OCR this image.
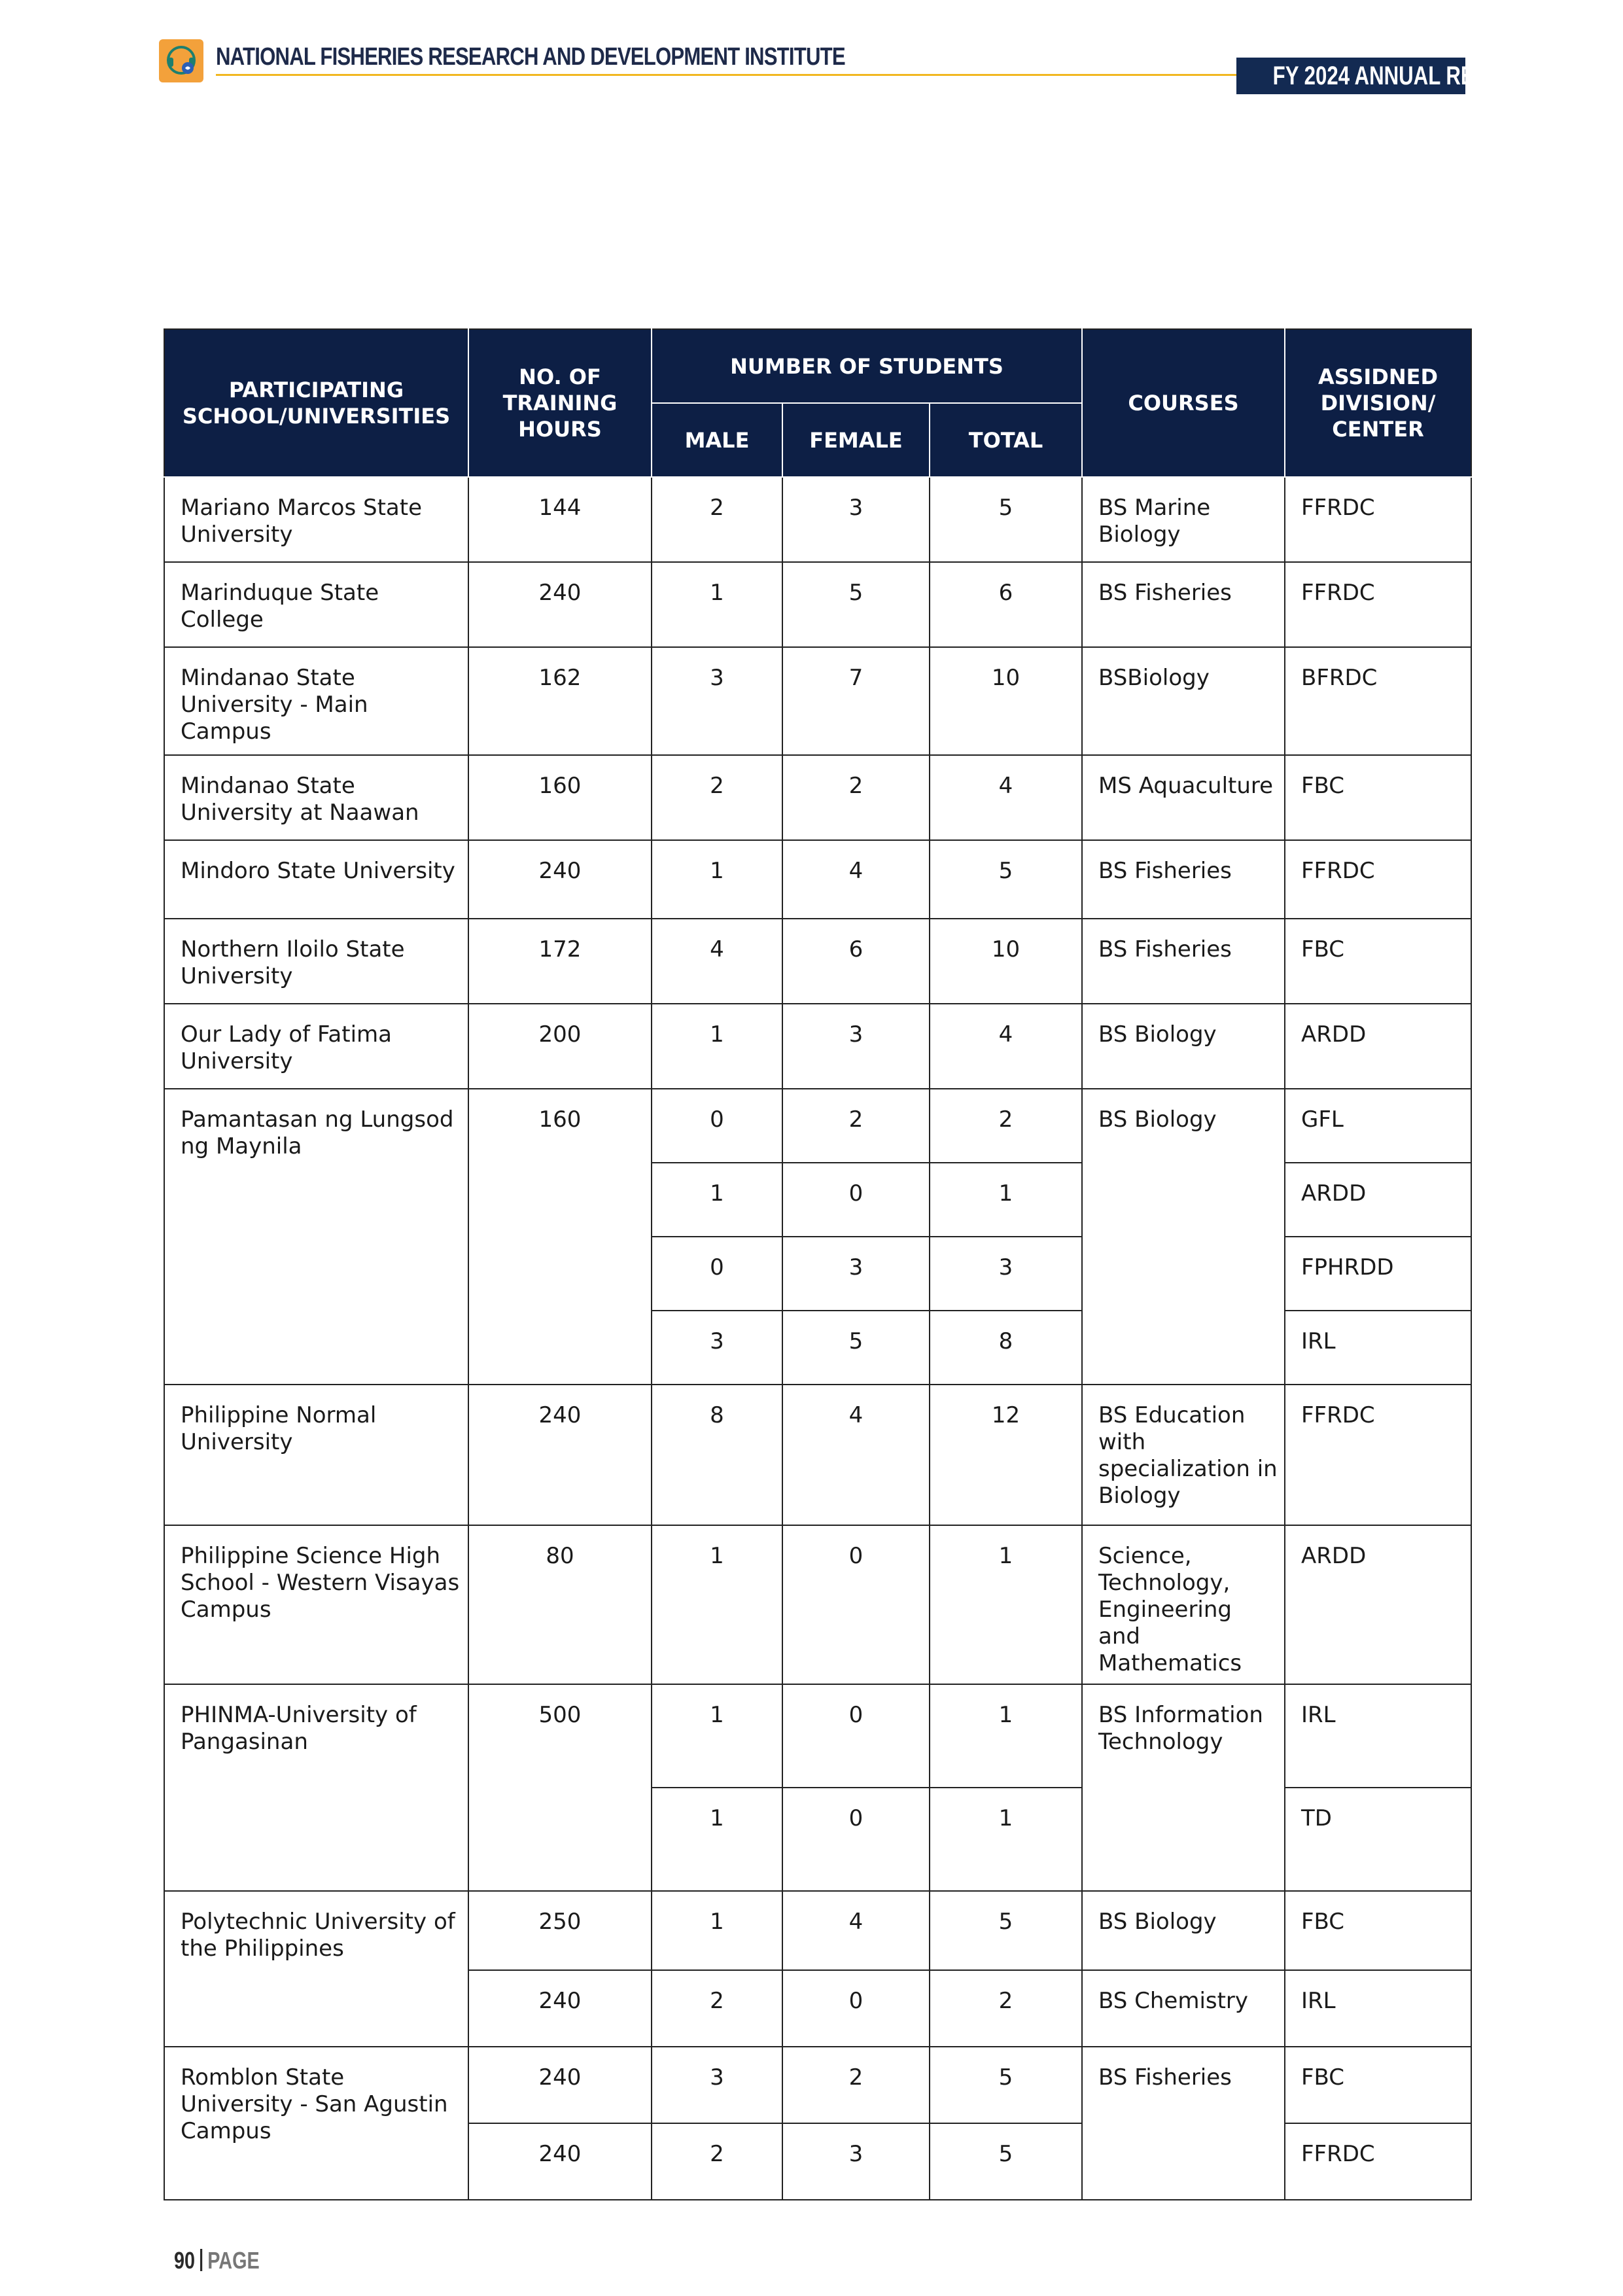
NATIONAL FISHERIES RESEARCH AND DEVELOPMENT INSTITUTE
FY 2024 ANNUAL REPORT
PARTICIPATING SCHOOL/UNIVERSITIES	NO. OF TRAINING HOURS	NUMBER OF STUDENTS			COURSES	ASSIDNED DIVISION/ CENTER
		MALE	FEMALE	TOTAL		
Mariano Marcos State University	144	2	3	5	BS Marine Biology	FFRDC
Marinduque State College	240	1	5	6	BS Fisheries	FFRDC
Mindanao State University - Main Campus	162	3	7	10	BSBiology	BFRDC
Mindanao State University at Naawan	160	2	2	4	MS Aquaculture	FBC
Mindoro State University	240	1	4	5	BS Fisheries	FFRDC
Northern Iloilo State University	172	4	6	10	BS Fisheries	FBC
Our Lady of Fatima University	200	1	3	4	BS Biology	ARDD
Pamantasan ng Lungsod ng Maynila	160	0	2	2	BS Biology	GFL
		1	0	1		ARDD
		0	3	3		FPHRDD
		3	5	8		IRL
Philippine Normal University	240	8	4	12	BS Education with specialization in Biology	FFRDC
Philippine Science High School - Western Visayas Campus	80	1	0	1	Science, Technology, Engineering and Mathematics	ARDD
PHINMA-University of Pangasinan	500	1	0	1	BS Information Technology	IRL
		1	0	1		TD
Polytechnic University of the Philippines	250	1	4	5	BS Biology	FBC
	240	2	0	2	BS Chemistry	IRL
Romblon State University - San Agustin Campus	240	3	2	5	BS Fisheries	FBC
	240	2	3	5		FFRDC
90 PAGE
